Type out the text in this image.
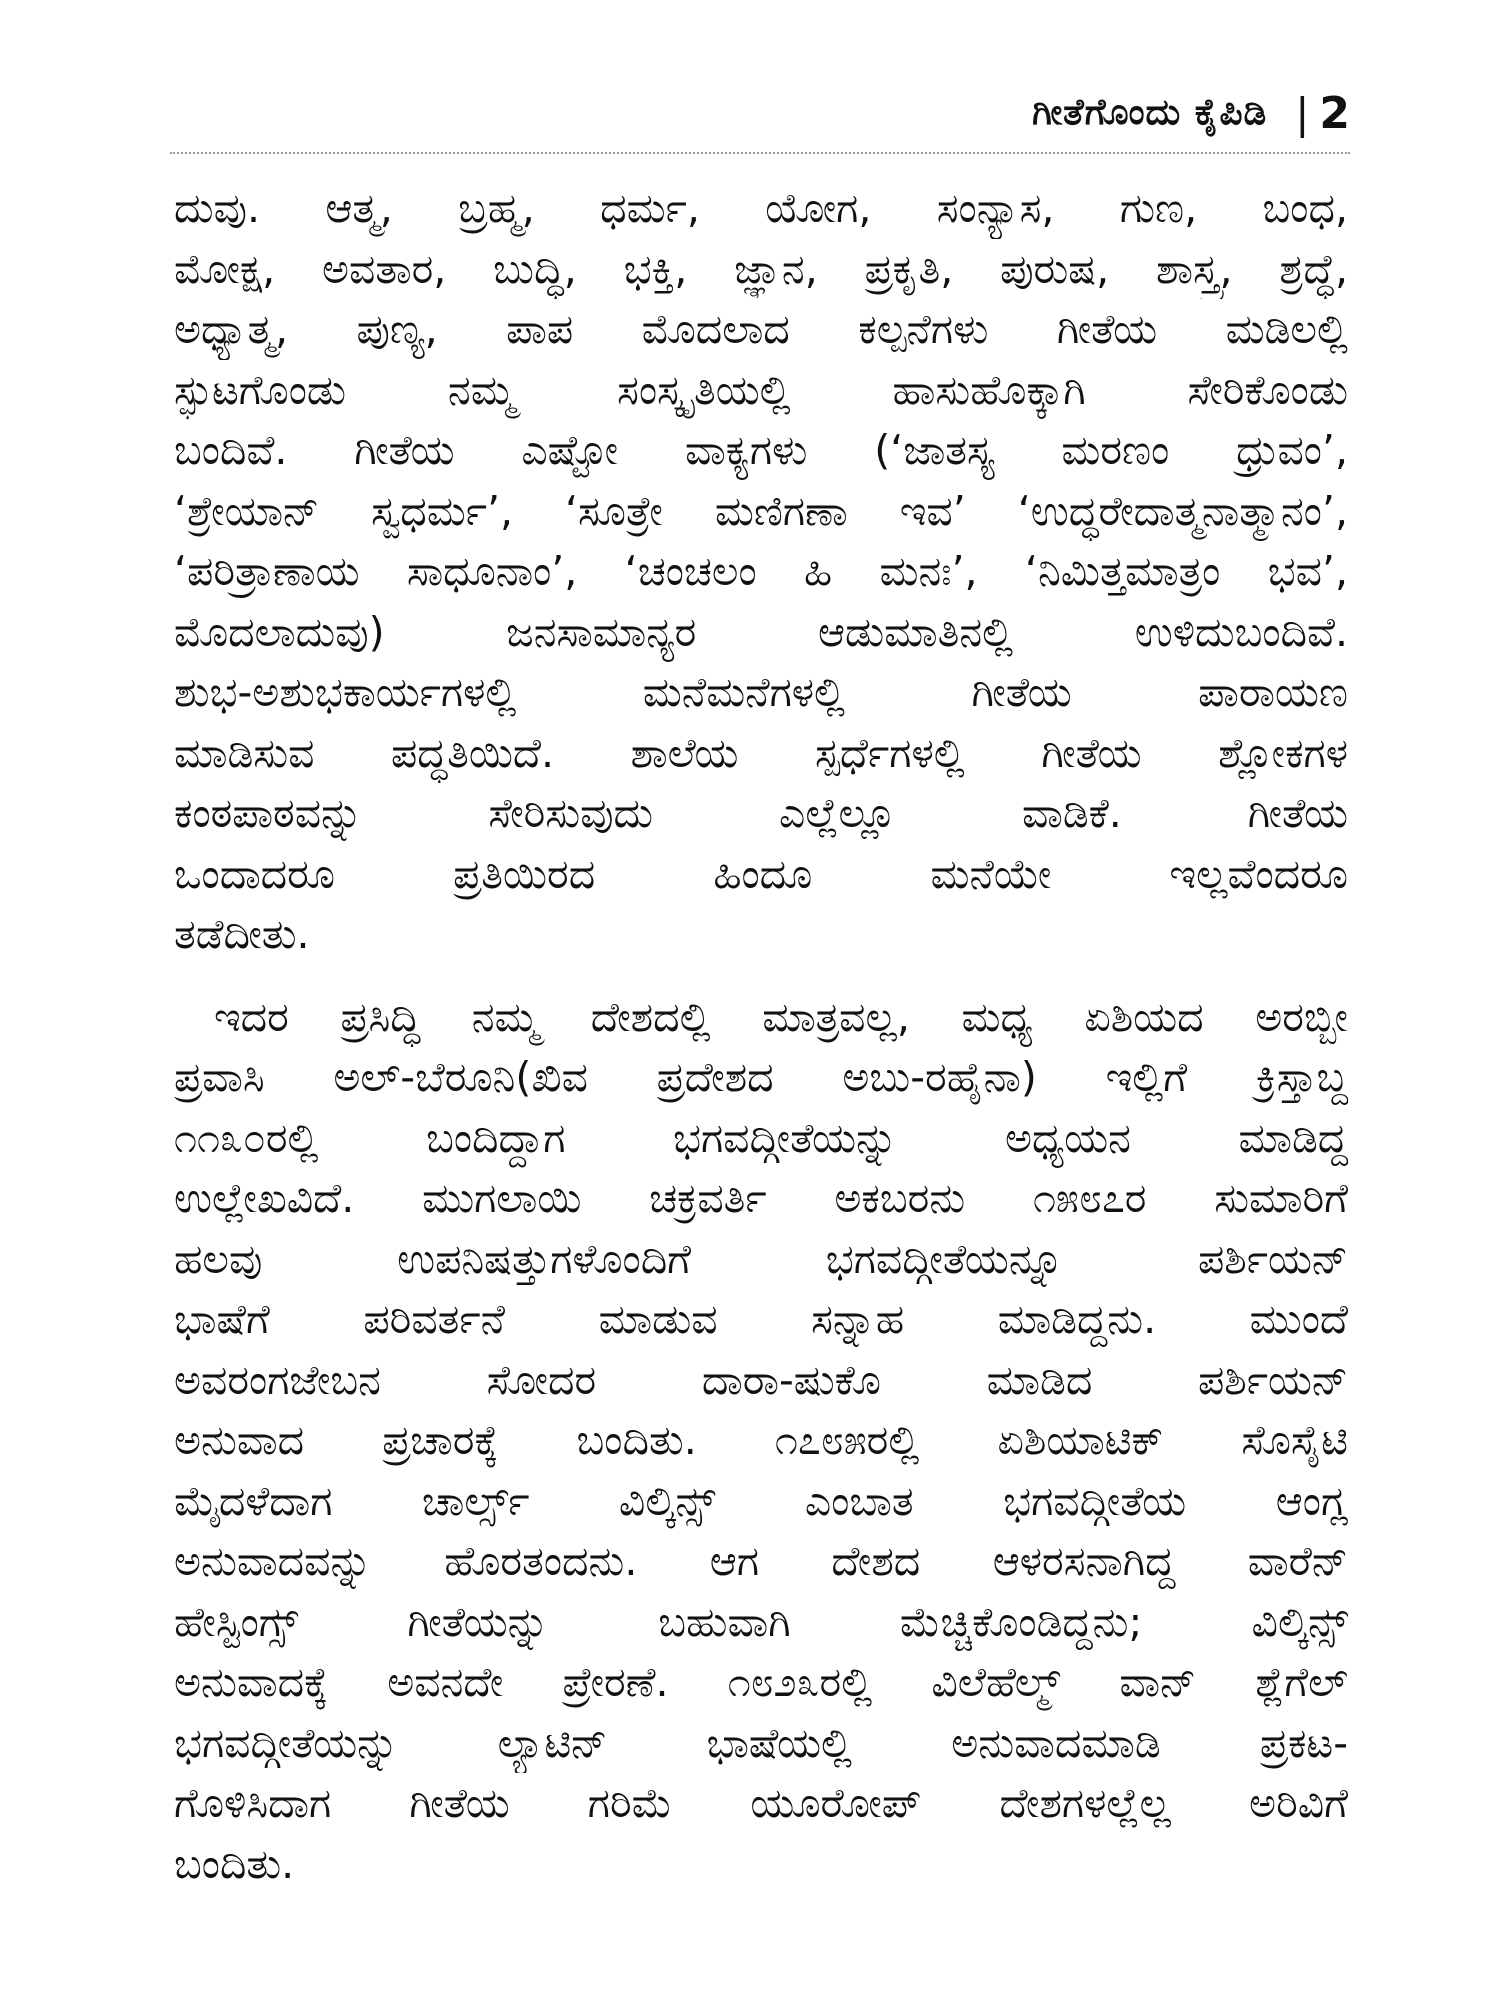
ಗೀತೆಗೊಂದು ಕೈಪಿಡಿ | 2

ದುವು. ಆತ್ಮ, ಬ್ರಹ್ಮ, ಧರ್ಮ, ಯೋಗ, ಸಂನ್ಯಾಸ, ಗುಣ, ಬಂಧ,
ಮೋಕ್ಷ, ಅವತಾರ, ಬುದ್ಧಿ, ಭಕ್ತಿ, ಜ್ಞಾನ, ಪ್ರಕೃತಿ, ಪುರುಷ, ಶಾಸ್ತ್ರ, ಶ್ರದ್ಧೆ,
ಅಧ್ಯಾತ್ಮ, ಪುಣ್ಯ, ಪಾಪ ಮೊದಲಾದ ಕಲ್ಪನೆಗಳು ಗೀತೆಯ ಮಡಿಲಲ್ಲಿ
ಸ್ಫುಟಗೊಂಡು ನಮ್ಮ ಸಂಸ್ಕೃತಿಯಲ್ಲಿ ಹಾಸುಹೊಕ್ಕಾಗಿ ಸೇರಿಕೊಂಡು
ಬಂದಿವೆ. ಗೀತೆಯ ಎಷ್ಟೋ ವಾಕ್ಯಗಳು (‘ಜಾತಸ್ಯ ಮರಣಂ ಧ್ರುವಂ’,
‘ಶ್ರೇಯಾನ್ ಸ್ವಧರ್ಮ’, ‘ಸೂತ್ರೇ ಮಣಿಗಣಾ ಇವ’ ‘ಉದ್ಧರೇದಾತ್ಮನಾತ್ಮಾನಂ’,
‘ಪರಿತ್ರಾಣಾಯ ಸಾಧೂನಾಂ’, ‘ಚಂಚಲಂ ಹಿ ಮನಃ’, ‘ನಿಮಿತ್ತಮಾತ್ರಂ ಭವ’,
ಮೊದಲಾದುವು) ಜನಸಾಮಾನ್ಯರ ಆಡುಮಾತಿನಲ್ಲಿ ಉಳಿದುಬಂದಿವೆ.
ಶುಭ-ಅಶುಭಕಾರ್ಯಗಳಲ್ಲಿ ಮನೆಮನೆಗಳಲ್ಲಿ ಗೀತೆಯ ಪಾರಾಯಣ
ಮಾಡಿಸುವ ಪದ್ಧತಿಯಿದೆ. ಶಾಲೆಯ ಸ್ಪರ್ಧೆಗಳಲ್ಲಿ ಗೀತೆಯ ಶ್ಲೋಕಗಳ
ಕಂಠಪಾಠವನ್ನು ಸೇರಿಸುವುದು ಎಲ್ಲೆಲ್ಲೂ ವಾಡಿಕೆ. ಗೀತೆಯ
ಒಂದಾದರೂ ಪ್ರತಿಯಿರದ ಹಿಂದೂ ಮನೆಯೇ ಇಲ್ಲವೆಂದರೂ
ತಡೆದೀತು.

ಇದರ ಪ್ರಸಿದ್ಧಿ ನಮ್ಮ ದೇಶದಲ್ಲಿ ಮಾತ್ರವಲ್ಲ, ಮಧ್ಯ ಏಶಿಯದ ಅರಬ್ಬೀ
ಪ್ರವಾಸಿ ಅಲ್-ಬೆರೂನಿ(ಖಿವ ಪ್ರದೇಶದ ಅಬು-ರಹೈನಾ) ಇಲ್ಲಿಗೆ ಕ್ರಿಸ್ತಾಬ್ದ
೧೧೩೦ರಲ್ಲಿ ಬಂದಿದ್ದಾಗ ಭಗವದ್ಗೀತೆಯನ್ನು ಅಧ್ಯಯನ ಮಾಡಿದ್ದ
ಉಲ್ಲೇಖವಿದೆ. ಮುಗಲಾಯಿ ಚಕ್ರವರ್ತಿ ಅಕಬರನು ೧೫೮೭ರ ಸುಮಾರಿಗೆ
ಹಲವು ಉಪನಿಷತ್ತುಗಳೊಂದಿಗೆ ಭಗವದ್ಗೀತೆಯನ್ನೂ ಪರ್ಶಿಯನ್
ಭಾಷೆಗೆ ಪರಿವರ್ತನೆ ಮಾಡುವ ಸನ್ನಾಹ ಮಾಡಿದ್ದನು. ಮುಂದೆ
ಅವರಂಗಜೇಬನ ಸೋದರ ದಾರಾ-ಷುಕೊ ಮಾಡಿದ ಪರ್ಶಿಯನ್
ಅನುವಾದ ಪ್ರಚಾರಕ್ಕೆ ಬಂದಿತು. ೧೭೮೫ರಲ್ಲಿ ಏಶಿಯಾಟಿಕ್ ಸೊಸೈಟಿ
ಮೈದಳೆದಾಗ ಚಾರ್ಲ್ಸ್ ವಿಲ್ಕಿನ್ಸ್ ಎಂಬಾತ ಭಗವದ್ಗೀತೆಯ ಆಂಗ್ಲ
ಅನುವಾದವನ್ನು ಹೊರತಂದನು. ಆಗ ದೇಶದ ಆಳರಸನಾಗಿದ್ದ ವಾರೆನ್
ಹೇಸ್ಟಿಂಗ್ಸ್ ಗೀತೆಯನ್ನು ಬಹುವಾಗಿ ಮೆಚ್ಚಿಕೊಂಡಿದ್ದನು; ವಿಲ್ಕಿನ್ಸ್
ಅನುವಾದಕ್ಕೆ ಅವನದೇ ಪ್ರೇರಣೆ. ೧೮೨೩ರಲ್ಲಿ ವಿಲೆಹೆಲ್ಮ್ ವಾನ್ ಶ್ಲೆಗೆಲ್
ಭಗವದ್ಗೀತೆಯನ್ನು ಲ್ಯಾಟಿನ್ ಭಾಷೆಯಲ್ಲಿ ಅನುವಾದಮಾಡಿ ಪ್ರಕಟ-
ಗೊಳಿಸಿದಾಗ ಗೀತೆಯ ಗರಿಮೆ ಯೂರೋಪ್ ದೇಶಗಳಲ್ಲೆಲ್ಲ ಅರಿವಿಗೆ
ಬಂದಿತು.
